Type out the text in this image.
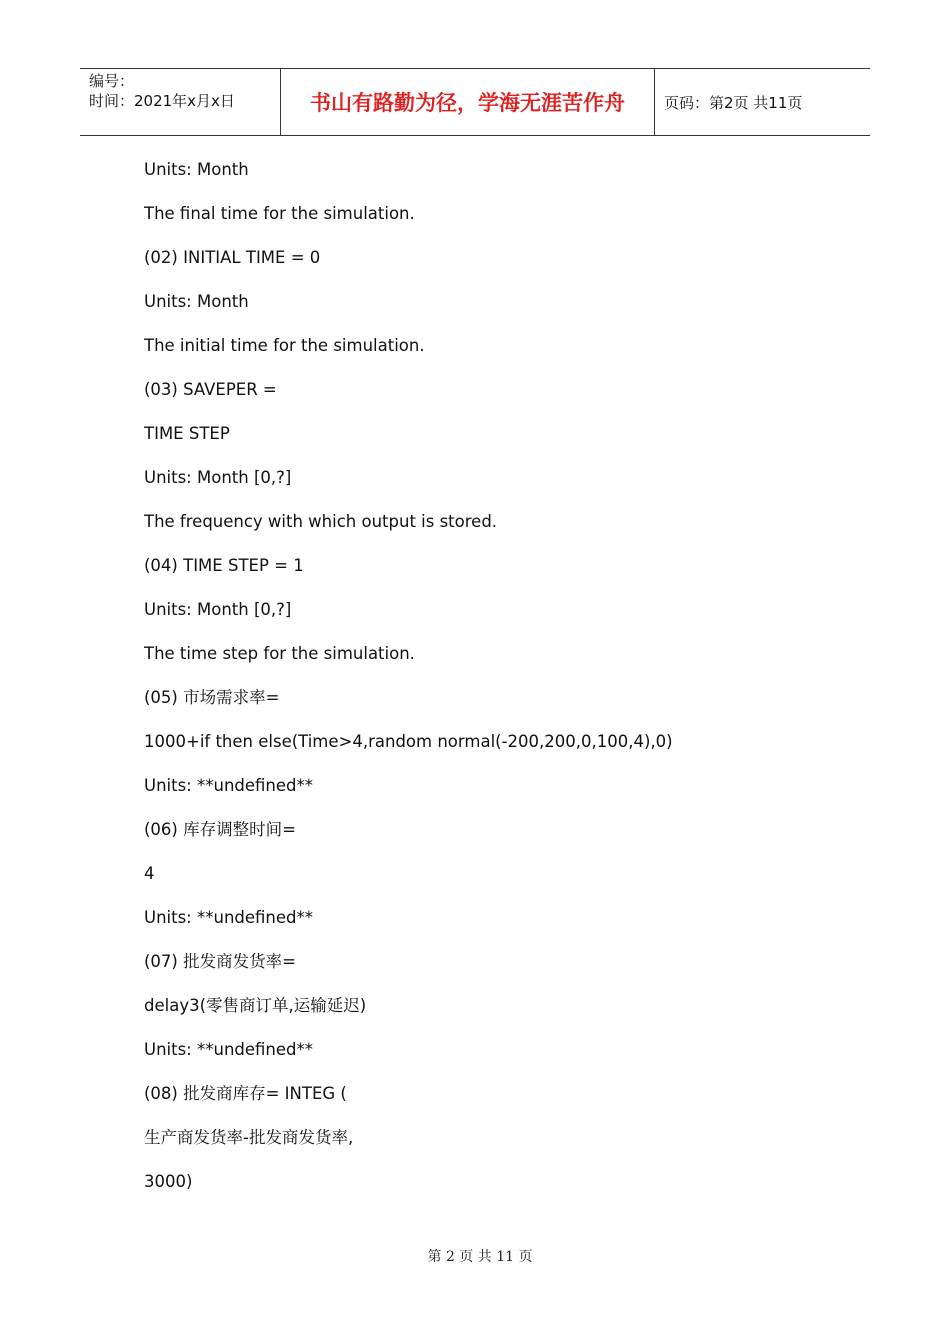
编号：
时间：2021年x月x日	书山有路勤为径，学海无涯苦作舟	页码：第2页 共11页
Units: Month
The final time for the simulation.
(02) INITIAL TIME = 0
Units: Month
The initial time for the simulation.
(03) SAVEPER =
TIME STEP
Units: Month [0,?]
The frequency with which output is stored.
(04) TIME STEP = 1
Units: Month [0,?]
The time step for the simulation.
(05) 市场需求率=
1000+if then else(Time>4,random normal(-200,200,0,100,4),0)
Units: **undefined**
(06) 库存调整时间=
4
Units: **undefined**
(07) 批发商发货率=
delay3(零售商订单,运输延迟)
Units: **undefined**
(08) 批发商库存= INTEG (
生产商发货率-批发商发货率,
3000)
第 2 页 共 11 页
